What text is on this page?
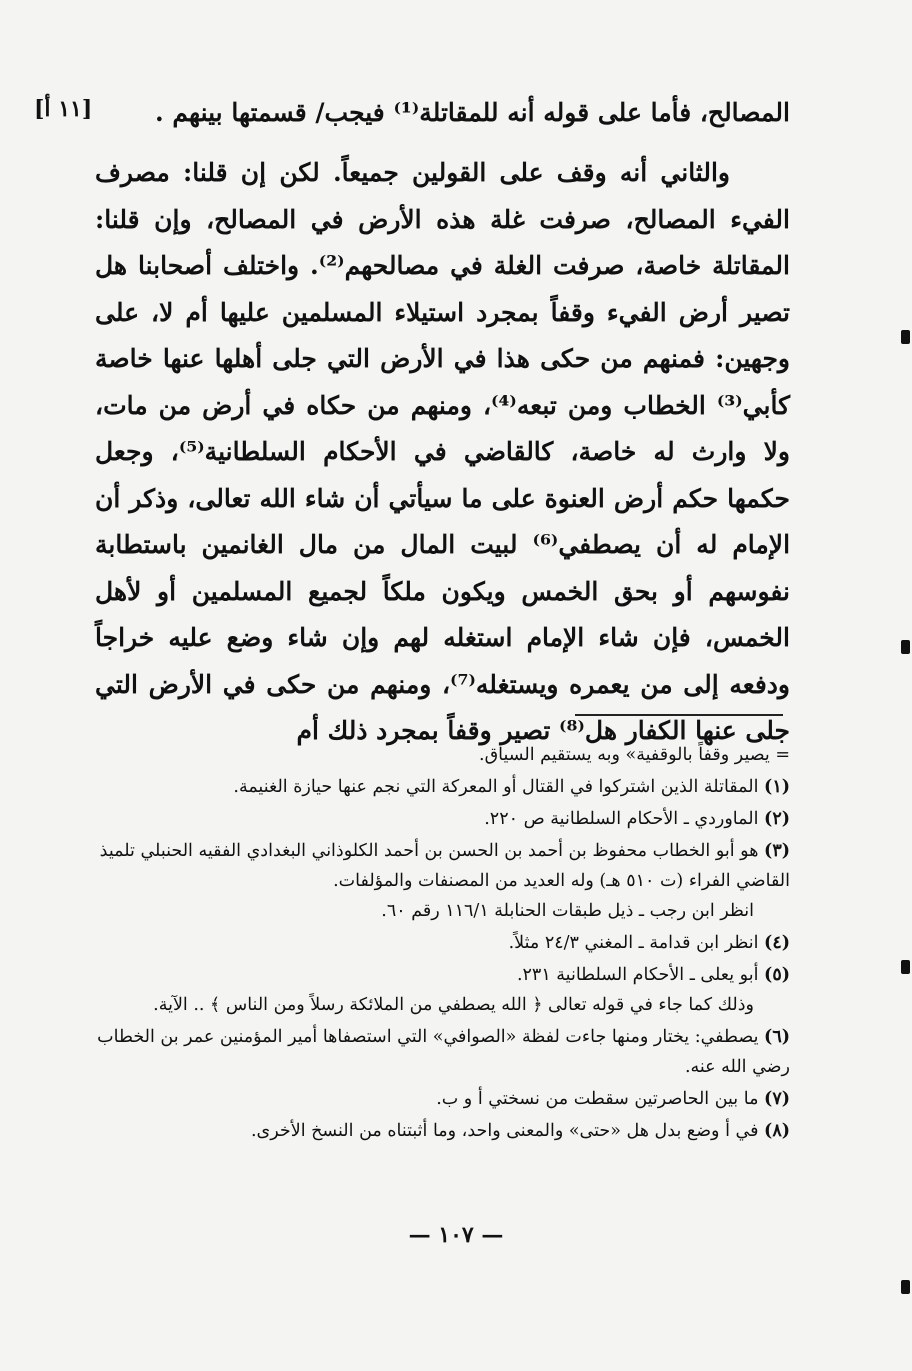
[١١ أ]	المصالح، فأما على قوله أنه للمقاتلة⁽¹⁾ فيجب/ قسمتها بينهم .

والثاني أنه وقف على القولين جميعاً. لكن إن قلنا: مصرف الفيء المصالح، صرفت غلة هذه الأرض في المصالح، وإن قلنا: المقاتلة خاصة، صرفت الغلة في مصالحهم⁽²⁾. واختلف أصحابنا هل تصير أرض الفيء وقفاً بمجرد استيلاء المسلمين عليها أم لا، على وجهين: فمنهم من حكى هذا في الأرض التي جلى أهلها عنها خاصة كأبي⁽³⁾ الخطاب ومن تبعه⁽⁴⁾، ومنهم من حكاه في أرض من مات، ولا وارث له خاصة، كالقاضي في الأحكام السلطانية⁽⁵⁾، وجعل حكمها حكم أرض العنوة على ما سيأتي أن شاء الله تعالى، وذكر أن الإمام له أن يصطفي⁽⁶⁾ لبيت المال من مال الغانمين باستطابة نفوسهم أو بحق الخمس ويكون ملكاً لجميع المسلمين أو لأهل الخمس، فإن شاء الإمام استغله لهم وإن شاء وضع عليه خراجاً ودفعه إلى من يعمره ويستغله⁽⁷⁾، ومنهم من حكى في الأرض التي جلى عنها الكفار هل⁽⁸⁾ تصير وقفاً بمجرد ذلك أم

= يصير وقفاً بالوقفية» وبه يستقيم السياق.
(١) المقاتلة الذين اشتركوا في القتال أو المعركة التي نجم عنها حيازة الغنيمة.
(٢) الماوردي ـ الأحكام السلطانية ص ٢٢٠.
(٣) هو أبو الخطاب محفوظ بن أحمد بن الحسن بن أحمد الكلوذاني البغدادي الفقيه الحنبلي تلميذ القاضي الفراء (ت ٥١٠ هـ) وله العديد من المصنفات والمؤلفات.
انظر ابن رجب ـ ذيل طبقات الحنابلة ١١٦/١ رقم ٦٠.
(٤) انظر ابن قدامة ـ المغني ٢٤/٣ مثلاً.
(٥) أبو يعلى ـ الأحكام السلطانية ٢٣١.
وذلك كما جاء في قوله تعالى ﴿ الله يصطفي من الملائكة رسلاً ومن الناس ﴾ .. الآية.
(٦) يصطفي: يختار ومنها جاءت لفظة «الصوافي» التي استصفاها أمير المؤمنين عمر بن الخطاب رضي الله عنه.
(٧) ما بين الحاصرتين سقطت من نسختي أ و ب.
(٨) في أ وضع بدل هل «حتى» والمعنى واحد، وما أثبتناه من النسخ الأخرى.
— ١٠٧ —
